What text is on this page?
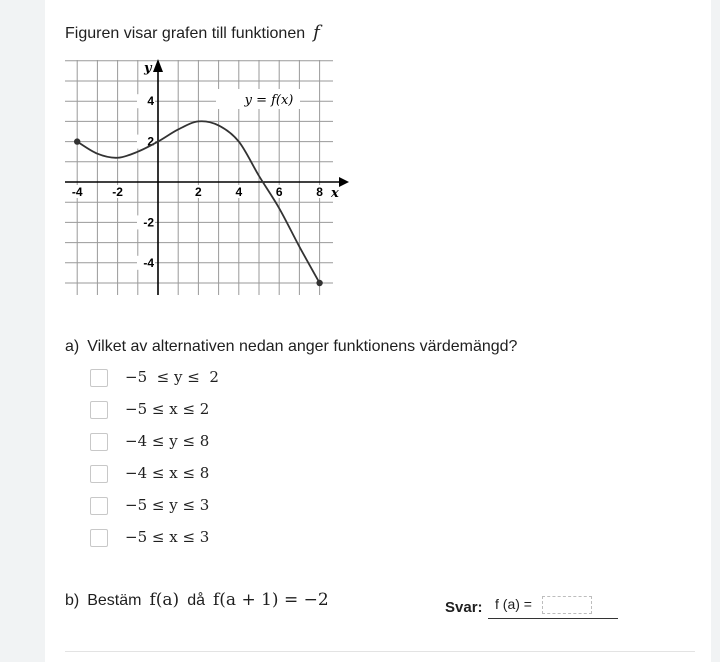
Figuren visar grafen till funktionen f
x
y
-4 -2	2	4	6	8
4
2
-2
-4
y = f(x)
a) Vilket av alternativen nedan anger funktionens värdemängd?
−5  ≤ y ≤  2
−5 ≤ x ≤ 2
−4 ≤ y ≤ 8
−4 ≤ x ≤ 8
−5 ≤ y ≤ 3
−5 ≤ x ≤ 3
b) Bestäm f(a) då f(a + 1) = −2	Svar: f (a) =
